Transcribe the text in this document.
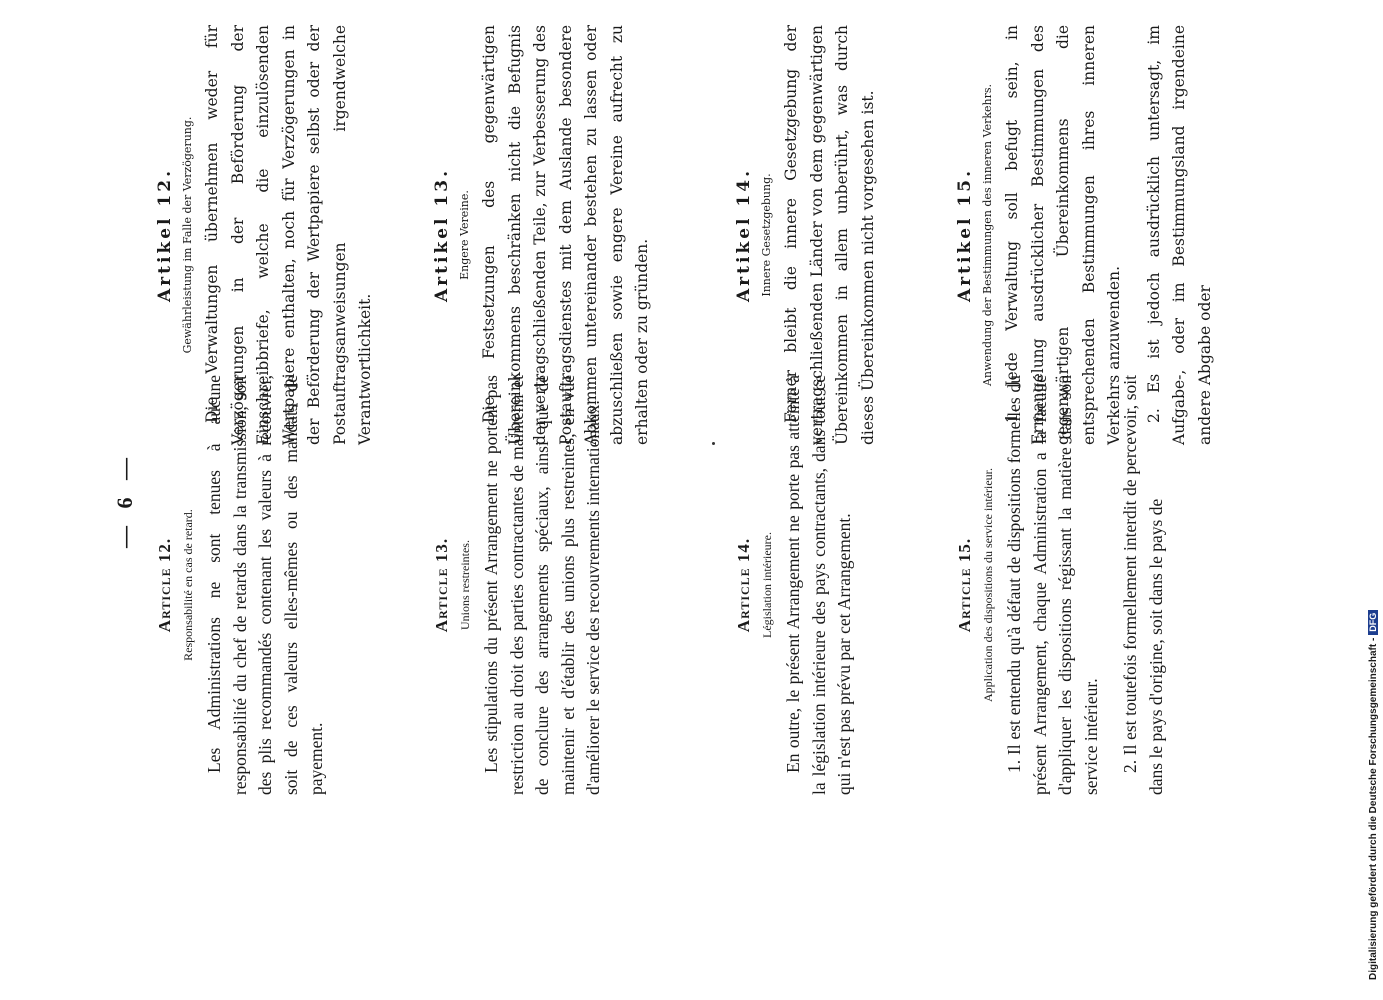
— 6 —
Article 12. Responsabilité en cas de retard. Les Administrations ne sont tenues à aucune responsabilité du chef de retards dans la transmission, soit des plis recommandés contenant les valeurs à recouvrer, soit de ces valeurs elles-mêmes ou des mandats de payement.
Article 13. Unions restreintes. Les stipulations du présent Arrangement ne portent pas restriction au droit des parties contractantes de maintenir et de conclure des arrangements spéciaux, ainsi que de maintenir et d'établir des unions plus restreintes, en vue d'améliorer le service des recouvrements internationaux.	Article 14. Législation intérieure. En outre, le présent Arrangement ne porte pas atteinte à la législation intérieure des pays contractants, dans tout ce qui n'est pas prévu par cet Arrangement.	Article 15. Application des dispositions du service intérieur. 1. Il est entendu qu'à défaut de dispositions formelles du présent Arrangement, chaque Administration a la faculté d'appliquer les dispositions régissant la matière dans son service intérieur. 2. Il est toutefois formellement interdit de percevoir, soit dans le pays d'origine, soit dans le pays de
Artikel 12. Gewährleistung im Falle der Verzögerung. Die Verwaltungen übernehmen weder für Verzögerungen in der Beförderung der Einschreibbriefe, welche die einzulösenden Wertpapiere enthalten, noch für Verzögerungen in der Beförderung der Wertpapiere selbst oder der Postauftragsanweisungen irgendwelche Verantwortlichkeit.
Artikel 13. Engere Vereine. Die Festsetzungen des gegenwärtigen Übereinkommens beschränken nicht die Befugnis der vertragschließenden Teile, zur Verbesserung des Postauftragsdienstes mit dem Auslande besondere Abkommen untereinander bestehen zu lassen oder abzuschließen sowie engere Vereine aufrecht zu erhalten oder zu gründen.
Artikel 14. Innere Gesetzgebung. Ferner bleibt die innere Gesetzgebung der vertragschließenden Länder von dem gegenwärtigen Übereinkommen in allem unberührt, was durch dieses Übereinkommen nicht vorgesehen ist.	Artikel 15. Anwendung der Bestimmungen des inneren Verkehrs. 1. Jede Verwaltung soll befugt sein, in Ermangelung ausdrücklicher Bestimmungen des gegenwärtigen Übereinkommens die entsprechenden Bestimmungen ihres inneren Verkehrs anzuwenden. 2. Es ist jedoch ausdrücklich untersagt, im Aufgabe-, oder im Bestimmungsland irgendeine andere Abgabe oder
Digitalisierung gefördert durch die Deutsche Forschungsgemeinschaft -DFG
